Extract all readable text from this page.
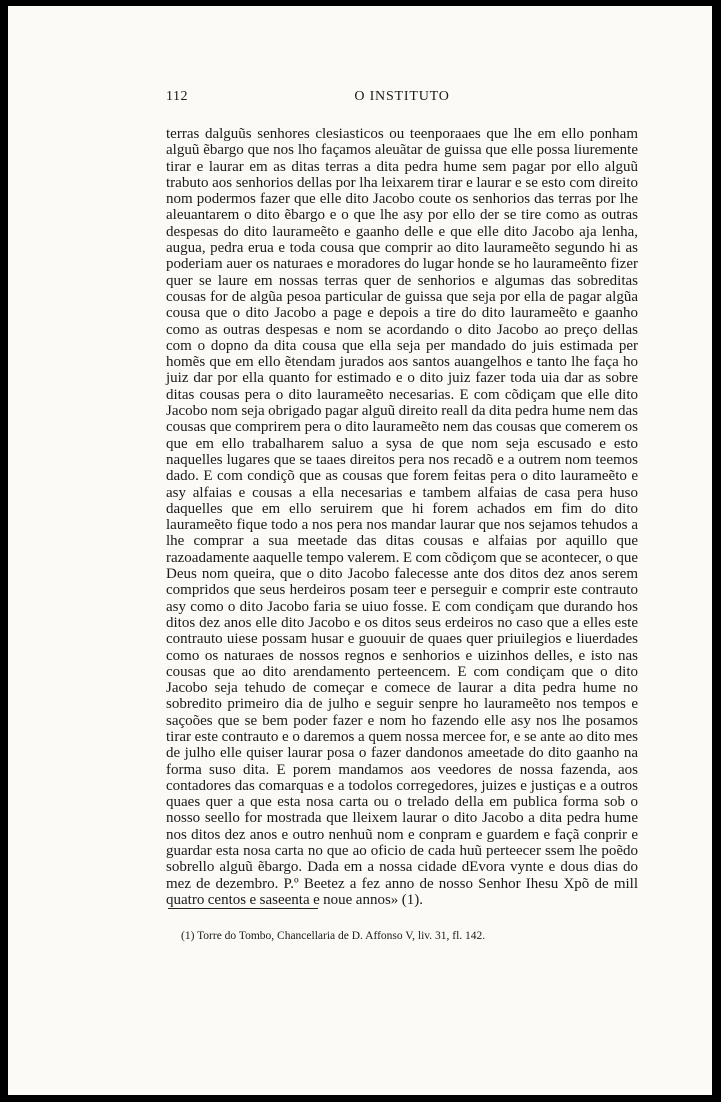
112	O INSTITUTO

terras dalguũs senhores clesiasticos ou teenporaaes que lhe em ello ponham alguũ ẽbargo que nos lho façamos aleuãtar de guissa que elle possa liuremente tirar e laurar em as ditas terras a dita pedra hume sem pagar por ello alguũ trabuto aos senhorios dellas por lha leixarem tirar e laurar e se esto com direito nom podermos fazer que elle dito Jacobo coute os senhorios das terras por lhe aleuantarem o dito ẽbargo e o que lhe asy por ello der se tire como as outras despesas do dito laurameẽto e gaanho delle e que elle dito Jacobo aja lenha, augua, pedra erua e toda cousa que comprir ao dito laurameẽto segundo hi as poderiam auer os naturaes e moradores do lugar honde se ho laurameẽnto fizer quer se laure em nossas terras quer de senhorios e algumas das sobreditas cousas for de algũa pesoa particular de guissa que seja por ella de pagar algũa cousa que o dito Jacobo a page e depois a tire do dito laurameẽto e gaanho como as outras despesas e nom se acordando o dito Jacobo ao preço dellas com o dopno da dita cousa que ella seja per mandado do juis estimada per homẽs que em ello ẽtendam jurados aos santos auangelhos e tanto lhe faça ho juiz dar por ella quanto for estimado e o dito juiz fazer toda uia dar as sobre ditas cousas pera o dito laurameẽto necesarias. E com cõdiçam que elle dito Jacobo nom seja obrigado pagar alguũ direito reall da dita pedra hume nem das cousas que comprirem pera o dito laurameẽto nem das cousas que comerem os que em ello trabalharem saluo a sysa de que nom seja escusado e esto naquelles lugares que se taaes direitos pera nos recadõ e a outrem nom teemos dado. E com condiçõ que as cousas que forem feitas pera o dito laurameẽto e asy alfaias e cousas a ella necesarias e tambem alfaias de casa pera huso daquelles que em ello seruirem que hi forem achados em fim do dito laurameẽto fique todo a nos pera nos mandar laurar que nos sejamos tehudos a lhe comprar a sua meetade das ditas cousas e alfaias por aquillo que razoadamente aaquelle tempo valerem. E com cõdiçom que se acontecer, o que Deus nom queira, que o dito Jacobo falecesse ante dos ditos dez anos serem compridos que seus herdeiros posam teer e perseguir e comprir este contrauto asy como o dito Jacobo faria se uiuo fosse. E com condiçam que durando hos ditos dez anos elle dito Jacobo e os ditos seus erdeiros no caso que a elles este contrauto uiese possam husar e guouuir de quaes quer priuilegios e liuerdades como os naturaes de nossos regnos e senhorios e uizinhos delles, e isto nas cousas que ao dito arendamento perteencem. E com condiçam que o dito Jacobo seja tehudo de começar e comece de laurar a dita pedra hume no sobredito primeiro dia de julho e seguir senpre ho laurameẽto nos tempos e saçoões que se bem poder fazer e nom ho fazendo elle asy nos lhe posamos tirar este contrauto e o daremos a quem nossa mercee for, e se ante ao dito mes de julho elle quiser laurar posa o fazer dandonos ameetade do dito gaanho na forma suso dita. E porem mandamos aos veedores de nossa fazenda, aos contadores das comarquas e a todolos corregedores, juizes e justiças e a outros quaes quer a que esta nosa carta ou o trelado della em publica forma sob o nosso seello for mostrada que lleixem laurar o dito Jacobo a dita pedra hume nos ditos dez anos e outro nenhuũ nom e conpram e guardem e façã conprir e guardar esta nosa carta no que ao oficio de cada huũ perteecer ssem lhe poẽdo sobrello alguũ ẽbargo. Dada em a nossa cidade dEvora vynte e dous dias do mez de dezembro. P.º Beetez a fez anno de nosso Senhor Ihesu Xpõ de mill quatro centos e saseenta e noue annos» (1).

(1) Torre do Tombo, Chancellaria de D. Affonso V, liv. 31, fl. 142.
